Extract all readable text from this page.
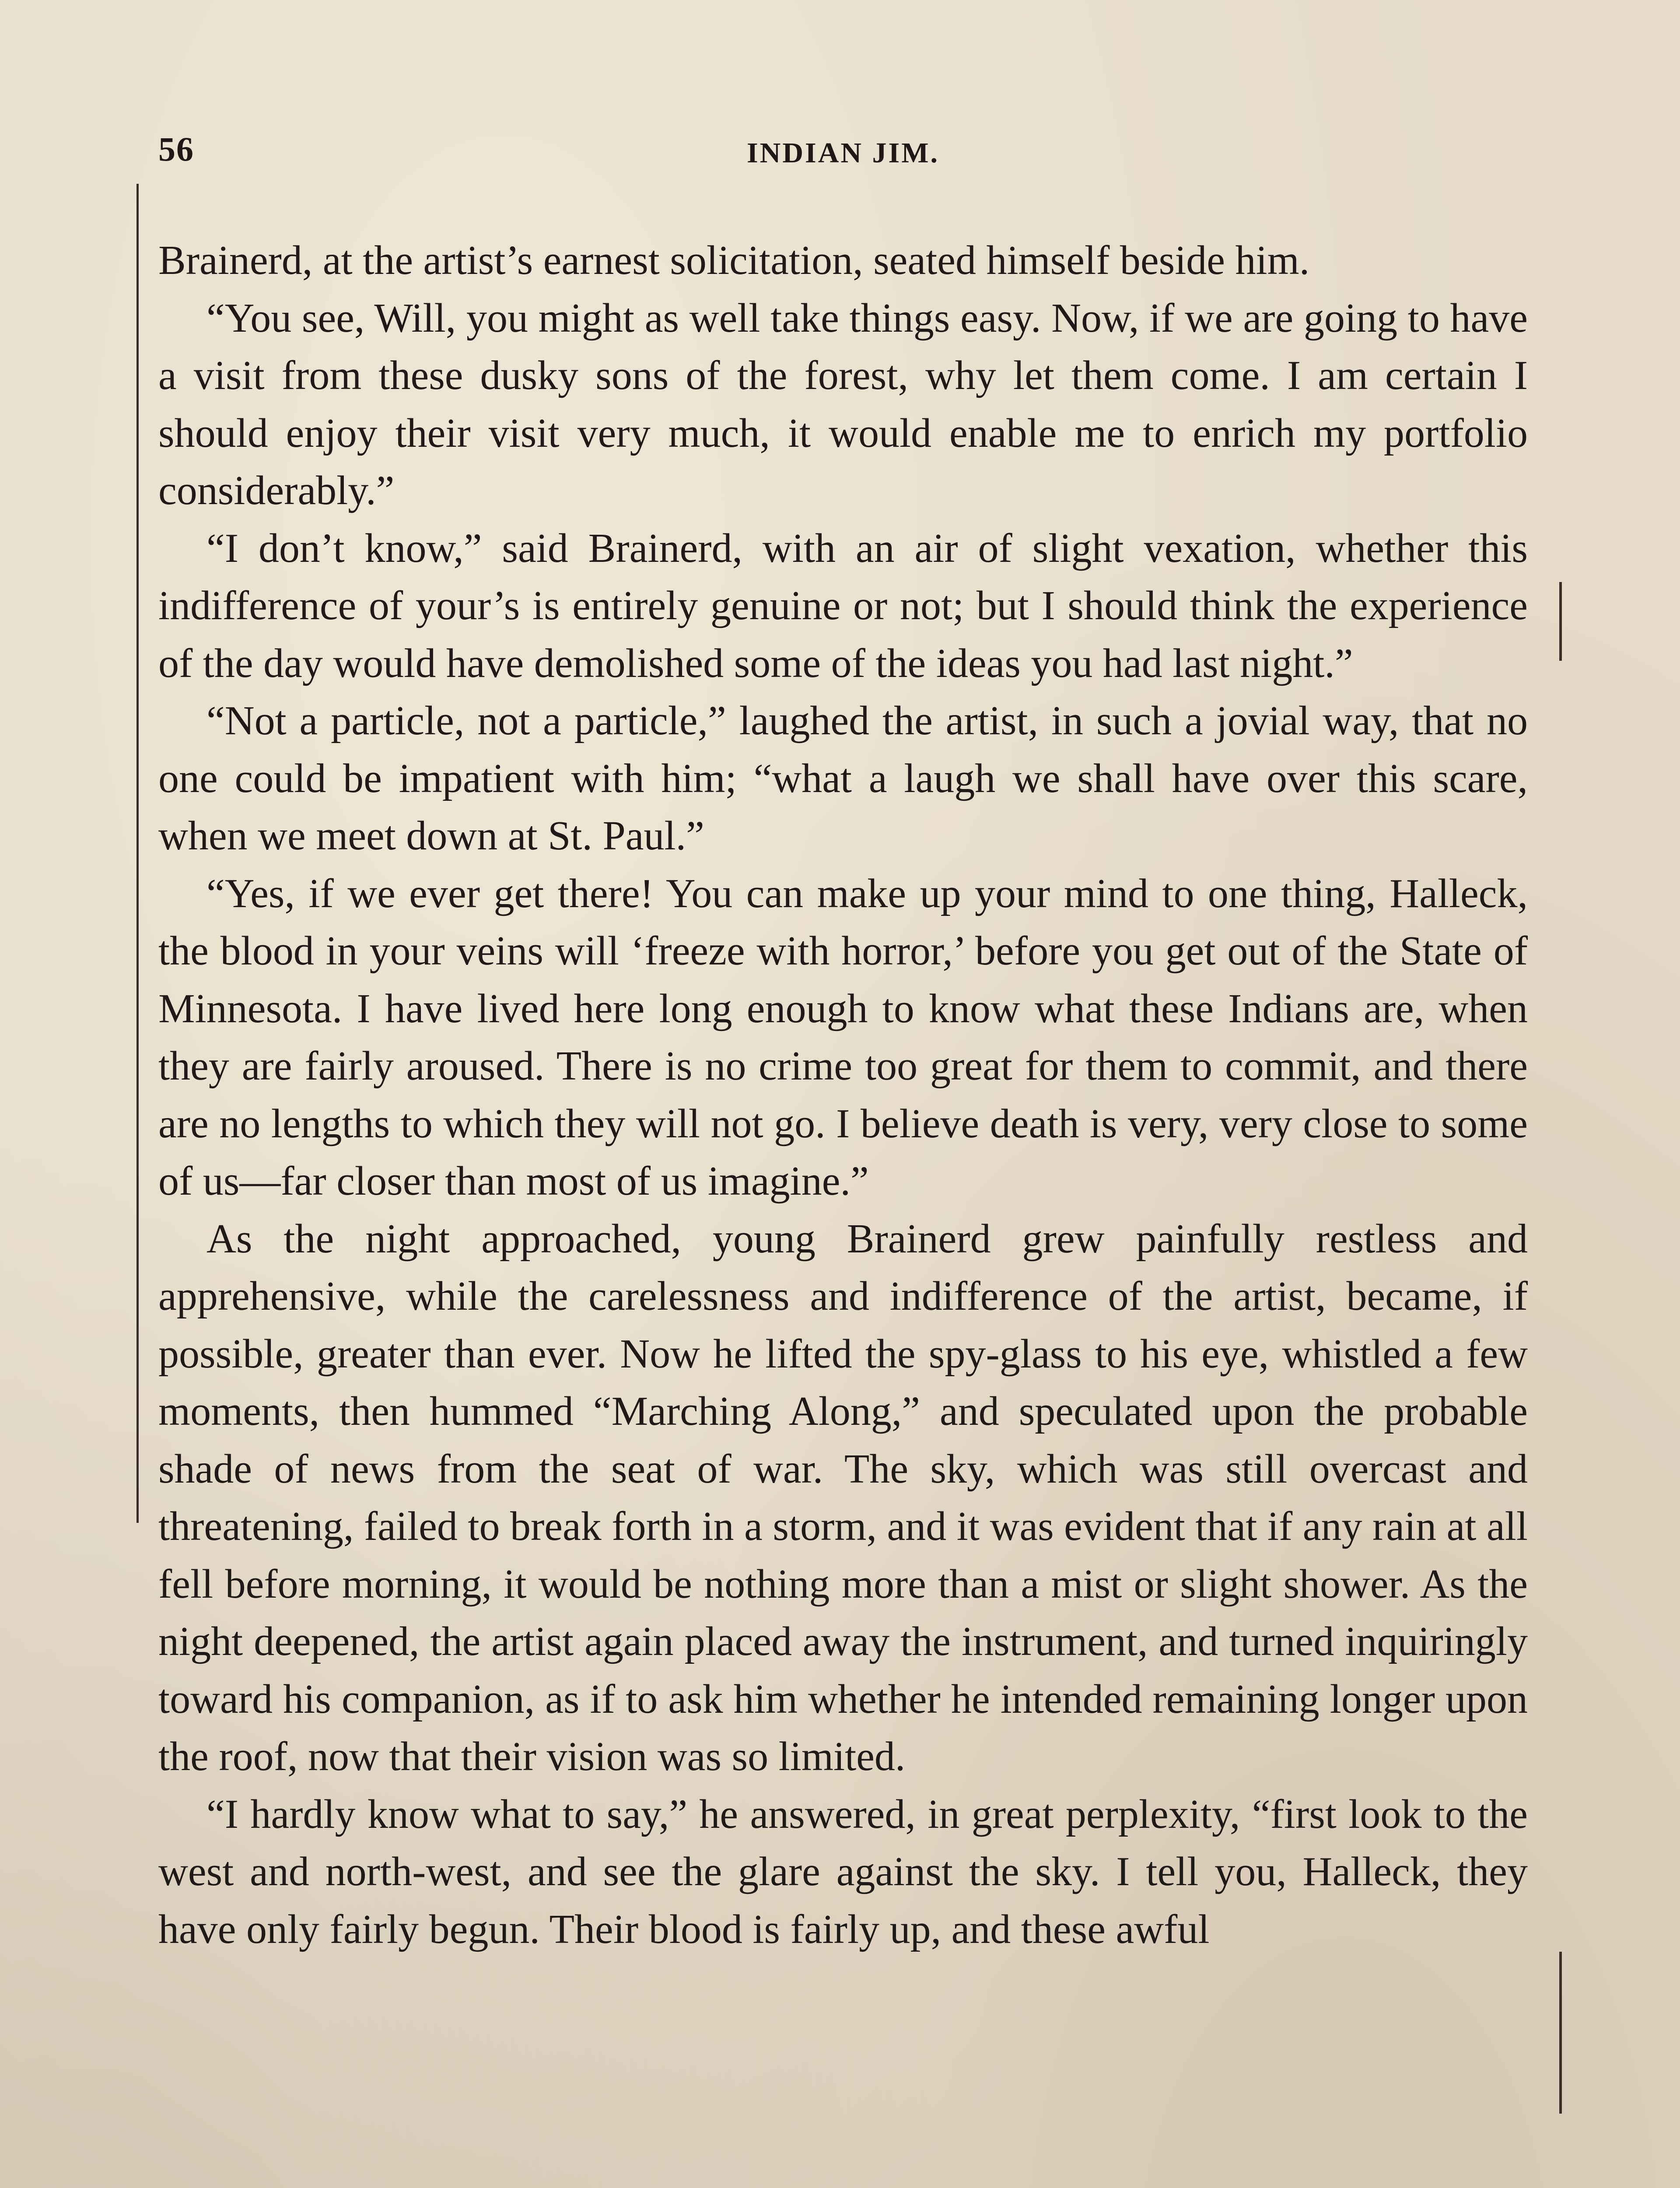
56	INDIAN JIM.

Brainerd, at the artist’s earnest solicitation, seated himself beside him.

“You see, Will, you might as well take things easy. Now, if we are going to have a visit from these dusky sons of the forest, why let them come. I am certain I should enjoy their visit very much, it would enable me to enrich my portfolio considerably.”

“I don’t know,” said Brainerd, with an air of slight vexation, whether this indifference of your’s is entirely genuine or not; but I should think the experience of the day would have demolished some of the ideas you had last night.”

“Not a particle, not a particle,” laughed the artist, in such a jovial way, that no one could be impatient with him; “what a laugh we shall have over this scare, when we meet down at St. Paul.”

“Yes, if we ever get there! You can make up your mind to one thing, Halleck, the blood in your veins will ‘freeze with horror,’ before you get out of the State of Minnesota. I have lived here long enough to know what these Indians are, when they are fairly aroused. There is no crime too great for them to commit, and there are no lengths to which they will not go. I believe death is very, very close to some of us—far closer than most of us imagine.”

As the night approached, young Brainerd grew painfully restless and apprehensive, while the carelessness and indifference of the artist, became, if possible, greater than ever. Now he lifted the spy-glass to his eye, whistled a few moments, then hummed “Marching Along,” and speculated upon the probable shade of news from the seat of war. The sky, which was still overcast and threatening, failed to break forth in a storm, and it was evident that if any rain at all fell before morning, it would be nothing more than a mist or slight shower. As the night deepened, the artist again placed away the instrument, and turned inquiringly toward his companion, as if to ask him whether he intended remaining longer upon the roof, now that their vision was so limited.

“I hardly know what to say,” he answered, in great perplexity, “first look to the west and north-west, and see the glare against the sky. I tell you, Halleck, they have only fairly begun. Their blood is fairly up, and these awful
